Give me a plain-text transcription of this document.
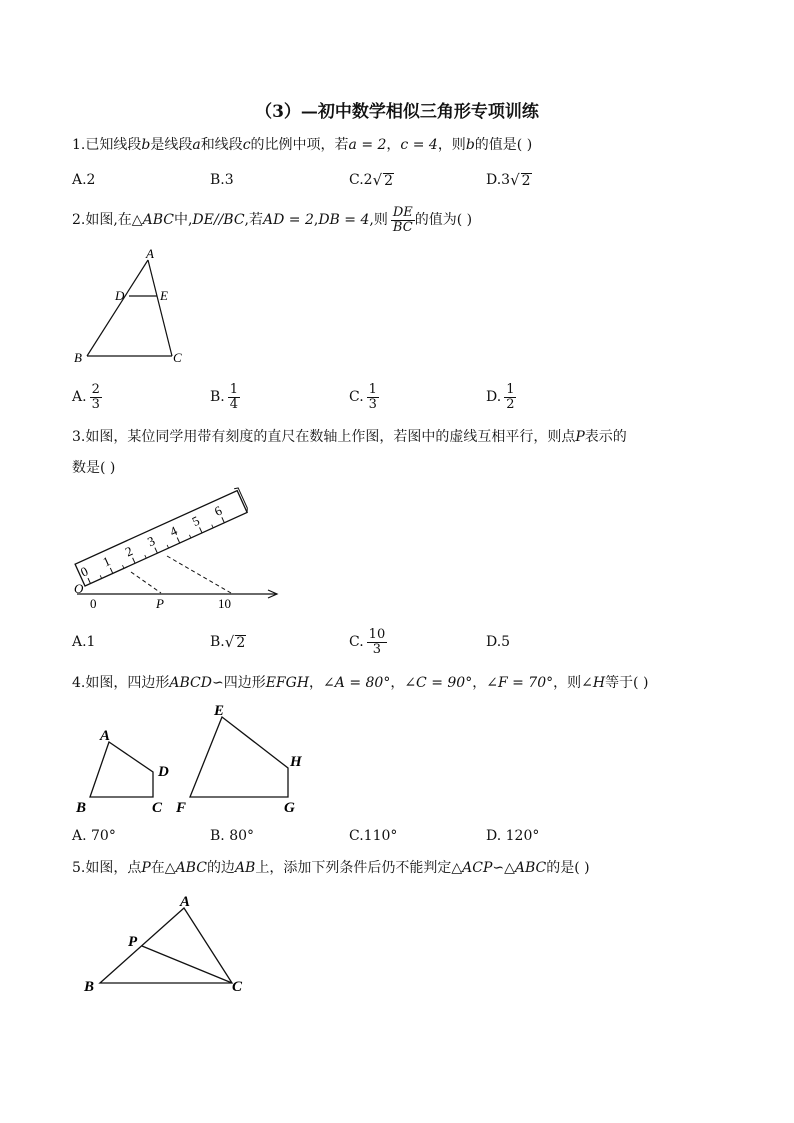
（3）—初中数学相似三角形专项训练
1.已知线段b是线段a和线段c的比例中项，若a = 2，c = 4，则b的值是( )
A.2	B.3	C.2 √ 2	D.3 √ 2
2.如图,在△ ABC 中, DE//BC ,若 AD = 2 , DB = 4 ,则 $\frac{DE}{BC}$ 的值为( )
A
D	E
B	C
A. $\frac{2}{3}$	B. $\frac{1}{4}$	C. $\frac{1}{3}$	D. $\frac{1}{2}$
3.如图，某位同学用带有刻度的直尺在数轴上作图，若图中的虚线互相平行，则点P表示的
数是( )
0
1
2
3
4
5
6
O
0	P	10
A.1	B. √ 2	C. $\frac{10}{3}$	D.5
4.如图，四边形ABCD∽四边形EFGH，∠A = 80°，∠C = 90°，∠F = 70°，则∠H等于( )
A
B	C
D
E
F	G
H
A. 70°	B. 80°	C.110°	D. 120°
5.如图，点P在△ABC的边AB上，添加下列条件后仍不能判定△ACP∽△ABC的是( )
A
P
B	C
